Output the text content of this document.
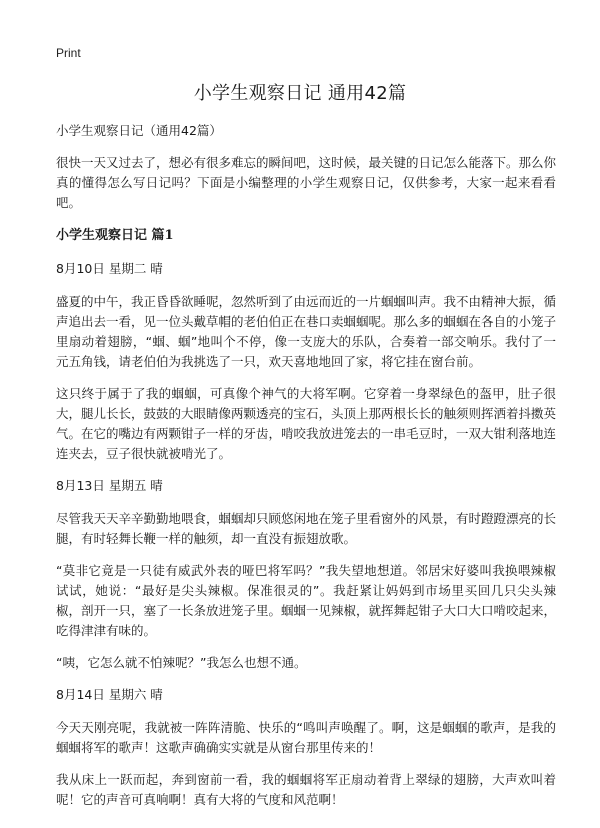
Print
小学生观察日记 通用42篇

小学生观察日记（通用42篇）

很快一天又过去了，想必有很多难忘的瞬间吧，这时候，最关键的日记怎么能落下。那么你真的懂得怎么写日记吗？下面是小编整理的小学生观察日记，仅供参考，大家一起来看看吧。

小学生观察日记 篇1

8月10日 星期二 晴

盛夏的中午，我正昏昏欲睡呢，忽然听到了由远而近的一片蝈蝈叫声。我不由精神大振，循声追出去一看，见一位头戴草帽的老伯伯正在巷口卖蝈蝈呢。那么多的蝈蝈在各自的小笼子里扇动着翅膀，“蝈、蝈”地叫个不停，像一支庞大的乐队，合奏着一部交响乐。我付了一元五角钱，请老伯伯为我挑选了一只，欢天喜地地回了家，将它挂在窗台前。

这只终于属于了我的蝈蝈，可真像个神气的大将军啊。它穿着一身翠绿色的盔甲，肚子很大，腿儿长长，鼓鼓的大眼睛像两颗透亮的宝石，头顶上那两根长长的触须则挥洒着抖擞英气。在它的嘴边有两颗钳子一样的牙齿，啃咬我放进笼去的一串毛豆时，一双大钳利落地连连夹去，豆子很快就被啃光了。

8月13日 星期五 晴

尽管我天天辛辛勤勤地喂食，蝈蝈却只顾悠闲地在笼子里看窗外的风景，有时蹬蹬漂亮的长腿，有时轻舞长鞭一样的触须，却一直没有振翅放歌。

“莫非它竟是一只徒有威武外表的哑巴将军吗？”我失望地想道。邻居宋好婆叫我换喂辣椒试试，她说：“最好是尖头辣椒。保准很灵的”。我赶紧让妈妈到市场里买回几只尖头辣椒，剖开一只，塞了一长条放进笼子里。蝈蝈一见辣椒，就挥舞起钳子大口大口啃咬起来，吃得津津有味的。

“咦，它怎么就不怕辣呢？”我怎么也想不通。

8月14日 星期六 晴

今天天刚亮呢，我就被一阵阵清脆、快乐的“鸣叫声唤醒了。啊，这是蝈蝈的歌声，是我的蝈蝈将军的歌声！这歌声确确实实就是从窗台那里传来的！

我从床上一跃而起，奔到窗前一看，我的蝈蝈将军正扇动着背上翠绿的翅膀，大声欢叫着呢！它的声音可真响啊！真有大将的气度和风范啊！
